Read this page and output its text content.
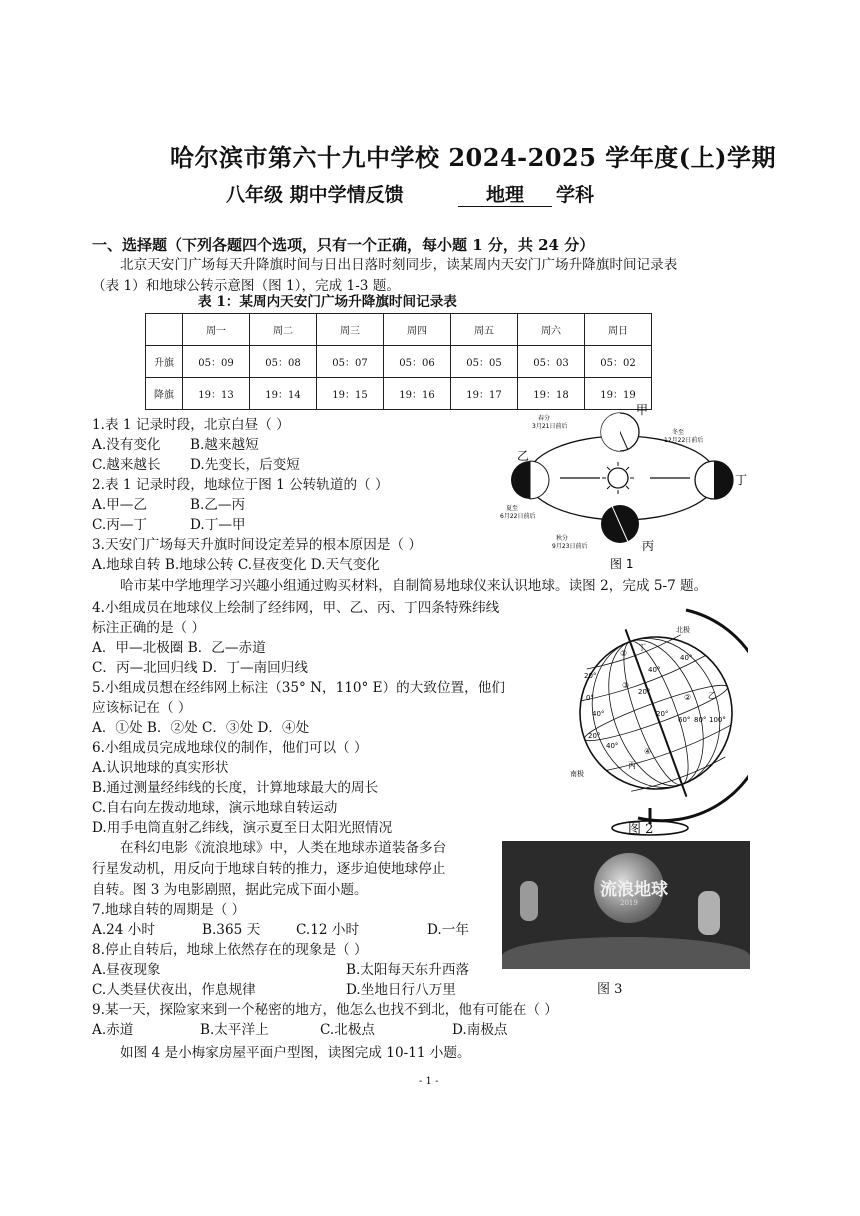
哈尔滨市第六十九中学校 2024-2025 学年度(上)学期
八年级 期中学情反馈	地理 学科
一、选择题（下列各题四个选项，只有一个正确，每小题 1 分，共 24 分）
北京天安门广场每天升降旗时间与日出日落时刻同步，读某周内天安门广场升降旗时间记录表
（表 1）和地球公转示意图（图 1），完成 1-3 题。
表 1：某周内天安门广场升降旗时间记录表
	周一	周二	周三	周四	周五	周六	周日
升旗	05：09	05：08	05：07	05：06	05：05	05：03	05：02
降旗	19：13	19：14	19：15	19：16	19：17	19：18	19：19
1.表 1 记录时段，北京白昼（ ）
A.没有变化 B.越来越短
C.越来越长 D.先变长，后变短
2.表 1 记录时段，地球位于图 1 公转轨道的（ ）
A.甲—乙	B.乙—丙
C.丙—丁	D.丁—甲
3.天安门广场每天升旗时间设定差异的根本原因是（ ）
A.地球自转 B.地球公转 C.昼夜变化 D.天气变化
甲
乙
丁
丙
春分
3月21日前后
冬至
12月22日前后
夏至
6月22日前后
秋分
9月23日前后
图 1
哈市某中学地理学习兴趣小组通过购买材料，自制简易地球仪来认识地球。读图 2，完成 5-7 题。
4.小组成员在地球仪上绘制了经纬网，甲、乙、丙、丁四条特殊纬线
标注正确的是（ ）
A．甲—北极圈 B．乙—赤道
C．丙—北回归线 D．丁—南回归线
5.小组成员想在经纬网上标注（35° N，110° E）的大致位置，他们
应该标记在（ ）
A．①处 B．②处 C．③处 D．④处
6.小组成员完成地球仪的制作，他们可以（ ）
A.认识地球的真实形状
B.通过测量经纬线的长度，计算地球最大的周长
C.自右向左拨动地球，演示地球自转运动
D.用手电筒直射乙纬线，演示夏至日太阳光照情况
北极
南极
丁
乙
丙
20°
20°
0°
40°
40°
20°
40°	20°
60° 80° 100°
40°
①
②
③
④
图 2
在科幻电影《流浪地球》中，人类在地球赤道装备多台
行星发动机，用反向于地球自转的推力，逐步迫使地球停止
自转。图 3 为电影剧照，据此完成下面小题。	流浪地球
2019
7.地球自转的周期是（ ）
A.24 小时	B.365 天	C.12 小时	D.一年
8.停止自转后，地球上依然存在的现象是（ ）
A.昼夜现象	B.太阳每天东升西落
C.人类昼伏夜出，作息规律	D.坐地日行八万里	图 3
9.某一天，探险家来到一个秘密的地方，他怎么也找不到北，他有可能在（ ）
A.赤道	B.太平洋上	C.北极点	D.南极点
如图 4 是小梅家房屋平面户型图，读图完成 10-11 小题。
- 1 -
